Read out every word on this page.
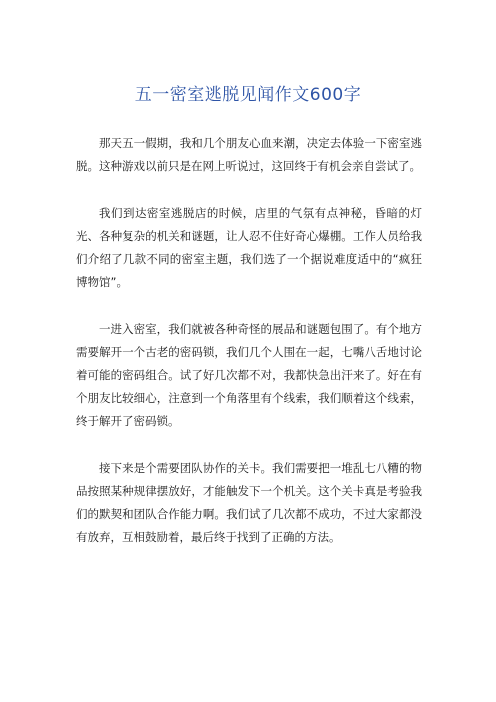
五一密室逃脱见闻作文600字

那天五一假期，我和几个朋友心血来潮，决定去体验一下密室逃脱。这种游戏以前只是在网上听说过，这回终于有机会亲自尝试了。

我们到达密室逃脱店的时候，店里的气氛有点神秘，昏暗的灯光、各种复杂的机关和谜题，让人忍不住好奇心爆棚。工作人员给我们介绍了几款不同的密室主题，我们选了一个据说难度适中的“疯狂博物馆”。

一进入密室，我们就被各种奇怪的展品和谜题包围了。有个地方需要解开一个古老的密码锁，我们几个人围在一起，七嘴八舌地讨论着可能的密码组合。试了好几次都不对，我都快急出汗来了。好在有个朋友比较细心，注意到一个角落里有个线索，我们顺着这个线索，终于解开了密码锁。

接下来是个需要团队协作的关卡。我们需要把一堆乱七八糟的物品按照某种规律摆放好，才能触发下一个机关。这个关卡真是考验我们的默契和团队合作能力啊。我们试了几次都不成功，不过大家都没有放弃，互相鼓励着，最后终于找到了正确的方法。
